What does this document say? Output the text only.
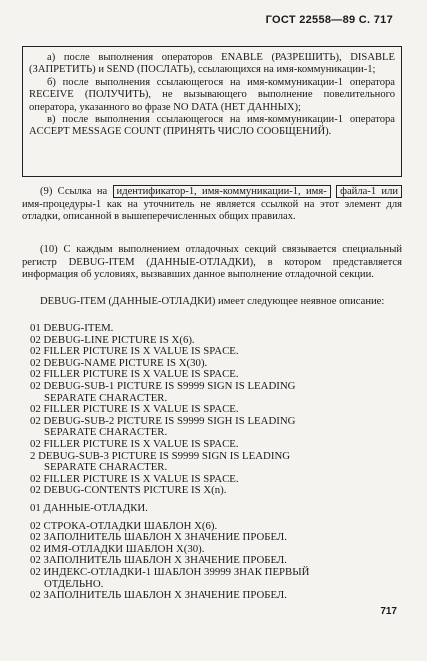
ГОСТ 22558—89 С. 717

а) после выполнения операторов ENABLE (РАЗРЕШИТЬ), DISABLE (ЗАПРЕТИТЬ) и SEND (ПОСЛАТЬ), ссылающихся на имя-коммуникации-1;

б) после выполнения ссылающегося на имя-коммуникации-1 оператора RECEIVE (ПОЛУЧИТЬ), не вызывающего выполнение повелительного оператора, указанного во фразе NO DATA (НЕТ ДАННЫХ);

в) после выполнения ссылающегося на имя-коммуникации-1 оператора ACCEPT MESSAGE COUNT (ПРИНЯТЬ ЧИСЛО СООБЩЕНИЙ).

(9) Ссылка на идентификатор-1, имя-коммуникации-1, имя- файла-1 или имя-процедуры-1 как на уточнитель не является ссылкой на этот элемент для отладки, описанной в вышеперечисленных общих правилах.

(10) С каждым выполнением отладочных секций связывается специальный регистр DEBUG-ITEM (ДАННЫЕ-ОТЛАДКИ), в котором представляется информация об условиях, вызвавших данное выполнение отладочной секции.

DEBUG-ITEM (ДАННЫЕ-ОТЛАДКИ) имеет следующее неявное описание:

01 DEBUG-ITEM.
02 DEBUG-LINE PICTURE IS X(6).
02 FILLER PICTURE IS X VALUE IS SPACE.
02 DEBUG-NAME PICTURE IS X(30).
02 FILLER PICTURE IS X VALUE IS SPACE.
02 DEBUG-SUB-1 PICTURE IS S9999 SIGN IS LEADING
SEPARATE CHARACTER.
02 FILLER PICTURE IS X VALUE IS SPACE.
02 DEBUG-SUB-2 PICTURE IS S9999 SIGH IS LEADING
SEPARATE CHARACTER.
02 FILLER PICTURE IS X VALUE IS SPACE.
2 DEBUG-SUB-3 PICTURE IS S9999 SIGN IS LEADING
SEPARATE CHARACTER.
02 FILLER PICTURE IS X VALUE IS SPACE.
02 DEBUG-CONTENTS PICTURE IS X(n).
01 ДАННЫЕ-ОТЛАДКИ.
02 СТРОКА-ОТЛАДКИ ШАБЛОН X(6).
02 ЗАПОЛНИТЕЛЬ ШАБЛОН X ЗНАЧЕНИЕ ПРОБЕЛ.
02 ИМЯ-ОТЛАДКИ ШАБЛОН X(30).
02 ЗАПОЛНИТЕЛЬ ШАБЛОН X ЗНАЧЕНИЕ ПРОБЕЛ.
02 ИНДЕКС-ОТЛАДКИ-1 ШАБЛОН 39999 ЗНАК ПЕРВЫЙ
ОТДЕЛЬНО.
02 ЗАПОЛНИТЕЛЬ ШАБЛОН X ЗНАЧЕНИЕ ПРОБЕЛ.
717
